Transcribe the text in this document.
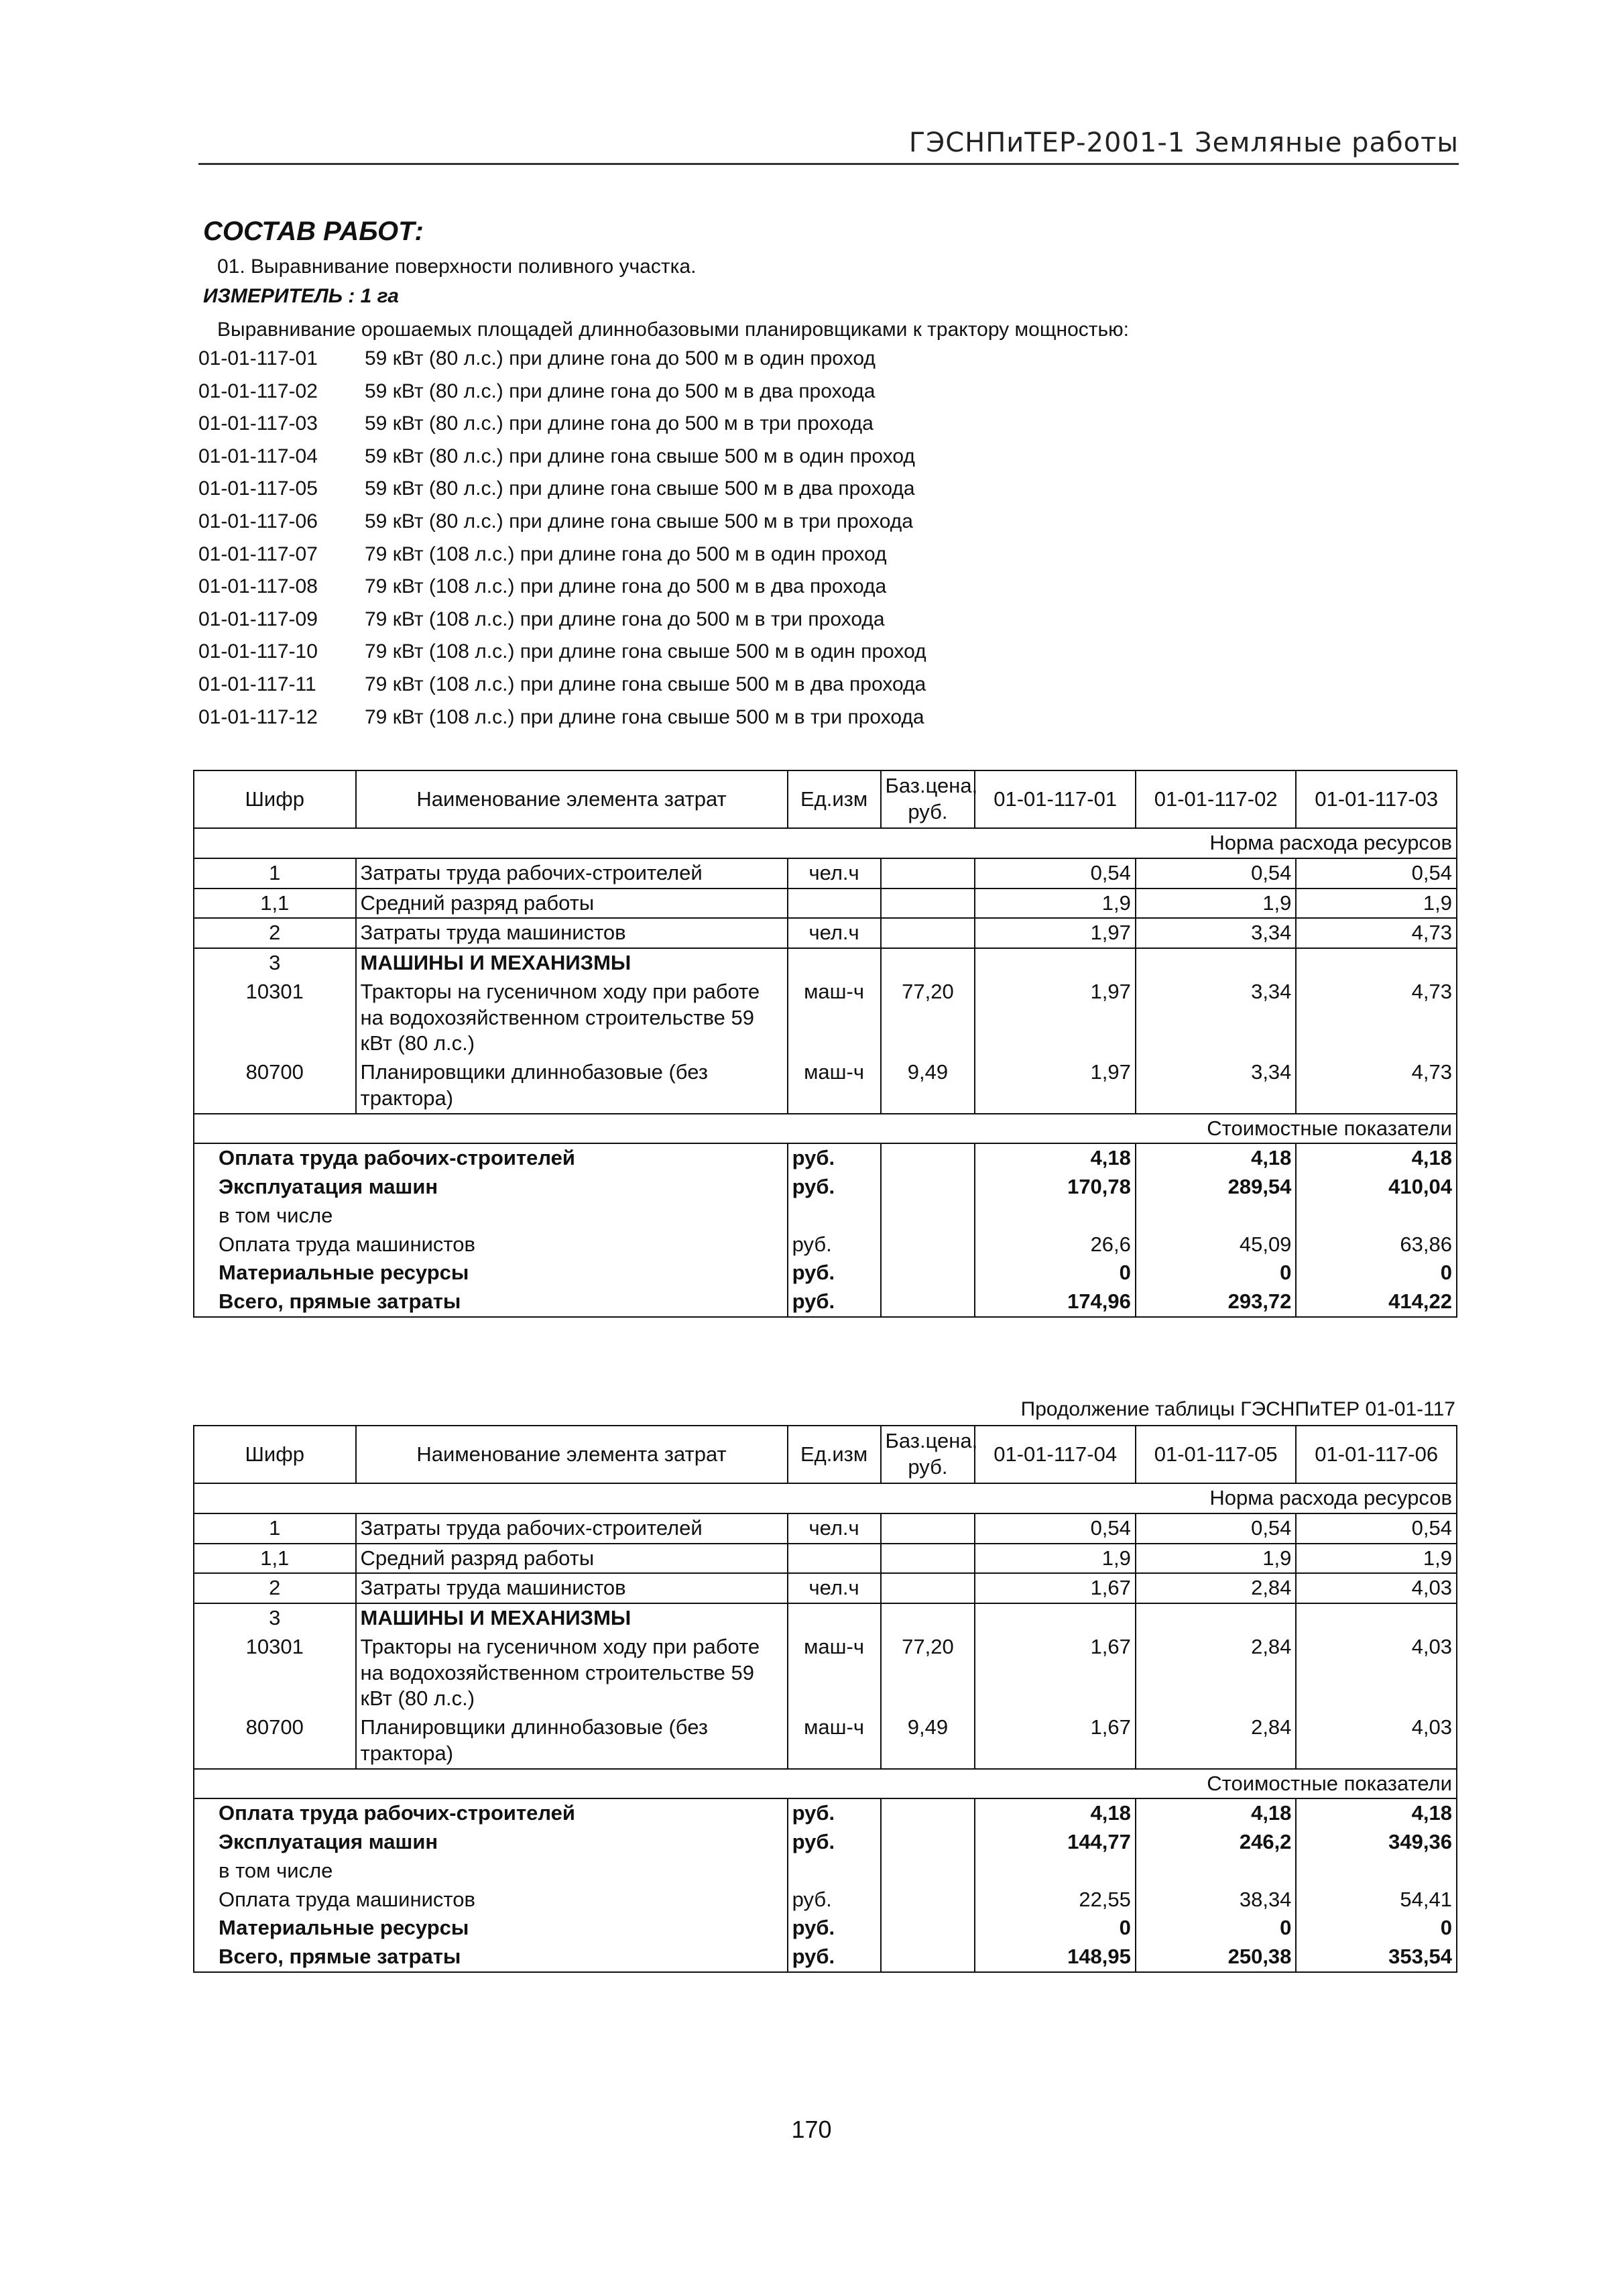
ГЭСНПиТЕР-2001-1 Земляные работы
СОСТАВ РАБОТ:
01. Выравнивание поверхности поливного участка.
ИЗМЕРИТЕЛЬ : 1 га
Выравнивание орошаемых площадей длиннобазовыми планировщиками к трактору мощностью:
01-01-117-01 59 кВт (80 л.с.) при длине гона до 500 м в один проход
01-01-117-02 59 кВт (80 л.с.) при длине гона до 500 м в два прохода
01-01-117-03 59 кВт (80 л.с.) при длине гона до 500 м в три прохода
01-01-117-04 59 кВт (80 л.с.) при длине гона свыше 500 м в один проход
01-01-117-05 59 кВт (80 л.с.) при длине гона свыше 500 м в два прохода
01-01-117-06 59 кВт (80 л.с.) при длине гона свыше 500 м в три прохода
01-01-117-07 79 кВт (108 л.с.) при длине гона до 500 м в один проход
01-01-117-08 79 кВт (108 л.с.) при длине гона до 500 м в два прохода
01-01-117-09 79 кВт (108 л.с.) при длине гона до 500 м в три прохода
01-01-117-10 79 кВт (108 л.с.) при длине гона свыше 500 м в один проход
01-01-117-11 79 кВт (108 л.с.) при длине гона свыше 500 м в два прохода
01-01-117-12 79 кВт (108 л.с.) при длине гона свыше 500 м в три прохода
Шифр	Наименование элемента затрат	Ед.изм	Баз.цена, руб.	01-01-117-01	01-01-117-02	01-01-117-03
Норма расхода ресурсов						
1	Затраты труда рабочих-строителей	чел.ч		0,54	0,54	0,54
1,1	Средний разряд работы			1,9	1,9	1,9
2	Затраты труда машинистов	чел.ч		1,97	3,34	4,73
3	МАШИНЫ И МЕХАНИЗМЫ					
10301	Тракторы на гусеничном ходу при работе на водохозяйственном строительстве 59 кВт (80 л.с.)	маш-ч	77,20	1,97	3,34	4,73
80700	Планировщики длиннобазовые (без трактора)	маш-ч	9,49	1,97	3,34	4,73
Стоимостные показатели						
Оплата труда рабочих-строителей		руб.		4,18	4,18	4,18
Эксплуатация машин		руб.		170,78	289,54	410,04
в том числе						
Оплата труда машинистов		руб.		26,6	45,09	63,86
Материальные ресурсы		руб.		0	0	0
Всего, прямые затраты		руб.		174,96	293,72	414,22
Продолжение таблицы ГЭСНПиТЕР 01-01-117
Шифр	Наименование элемента затрат	Ед.изм	Баз.цена, руб.	01-01-117-04	01-01-117-05	01-01-117-06
Норма расхода ресурсов						
1	Затраты труда рабочих-строителей	чел.ч		0,54	0,54	0,54
1,1	Средний разряд работы			1,9	1,9	1,9
2	Затраты труда машинистов	чел.ч		1,67	2,84	4,03
3	МАШИНЫ И МЕХАНИЗМЫ					
10301	Тракторы на гусеничном ходу при работе на водохозяйственном строительстве 59 кВт (80 л.с.)	маш-ч	77,20	1,67	2,84	4,03
80700	Планировщики длиннобазовые (без трактора)	маш-ч	9,49	1,67	2,84	4,03
Стоимостные показатели						
Оплата труда рабочих-строителей		руб.		4,18	4,18	4,18
Эксплуатация машин		руб.		144,77	246,2	349,36
в том числе						
Оплата труда машинистов		руб.		22,55	38,34	54,41
Материальные ресурсы		руб.		0	0	0
Всего, прямые затраты		руб.		148,95	250,38	353,54
170
